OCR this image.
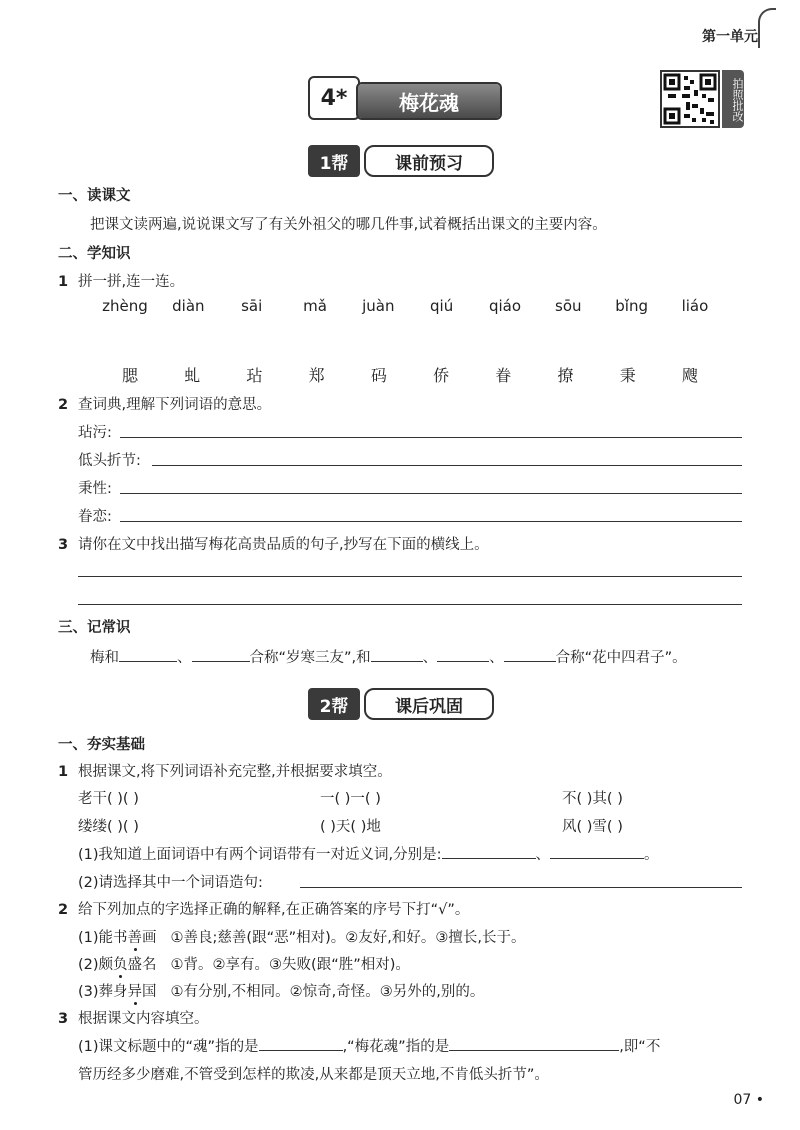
第一单元
4*	梅花魂	拍照批改
1帮	课前预习
一、读课文
把课文读两遍,说说课文写了有关外祖父的哪几件事,试着概括出课文的主要内容。
二、学知识
1 拼一拼,连一连。
zhèng	diàn	sāi	mǎ	juàn	qiú	qiáo	sōu	bǐng	liáo
腮	虬	玷	郑	码	侨	眷	撩	秉	飕
2 查词典,理解下列词语的意思。
玷污:
低头折节:
秉性:
眷恋:
3 请你在文中找出描写梅花高贵品质的句子,抄写在下面的横线上。
三、记常识
梅和	、	合称“岁寒三友”,和	、	、	合称“花中四君子”。
2帮	课后巩固
一、夯实基础
1 根据课文,将下列词语补充完整,并根据要求填空。
老干( )( )	一( )一( )	不( )其( )
缕缕( )( )	( )天( )地	风( )雪( )
(1)我知道上面词语中有两个词语带有一对近义词,分别是:	、	。
(2)请选择其中一个词语造句:
2 给下列加点的字选择正确的解释,在正确答案的序号下打“√”。
(1)能书善画 ①善良;慈善(跟“恶”相对)。②友好,和好。③擅长,长于。
(2)颇负盛名 ①背。②享有。③失败(跟“胜”相对)。
(3)葬身异国 ①有分别,不相同。②惊奇,奇怪。③另外的,别的。
3 根据课文内容填空。
(1)课文标题中的“魂”指的是	,“梅花魂”指的是	,即“不
管历经多少磨难,不管受到怎样的欺凌,从来都是顶天立地,不肯低头折节”。
07 •
